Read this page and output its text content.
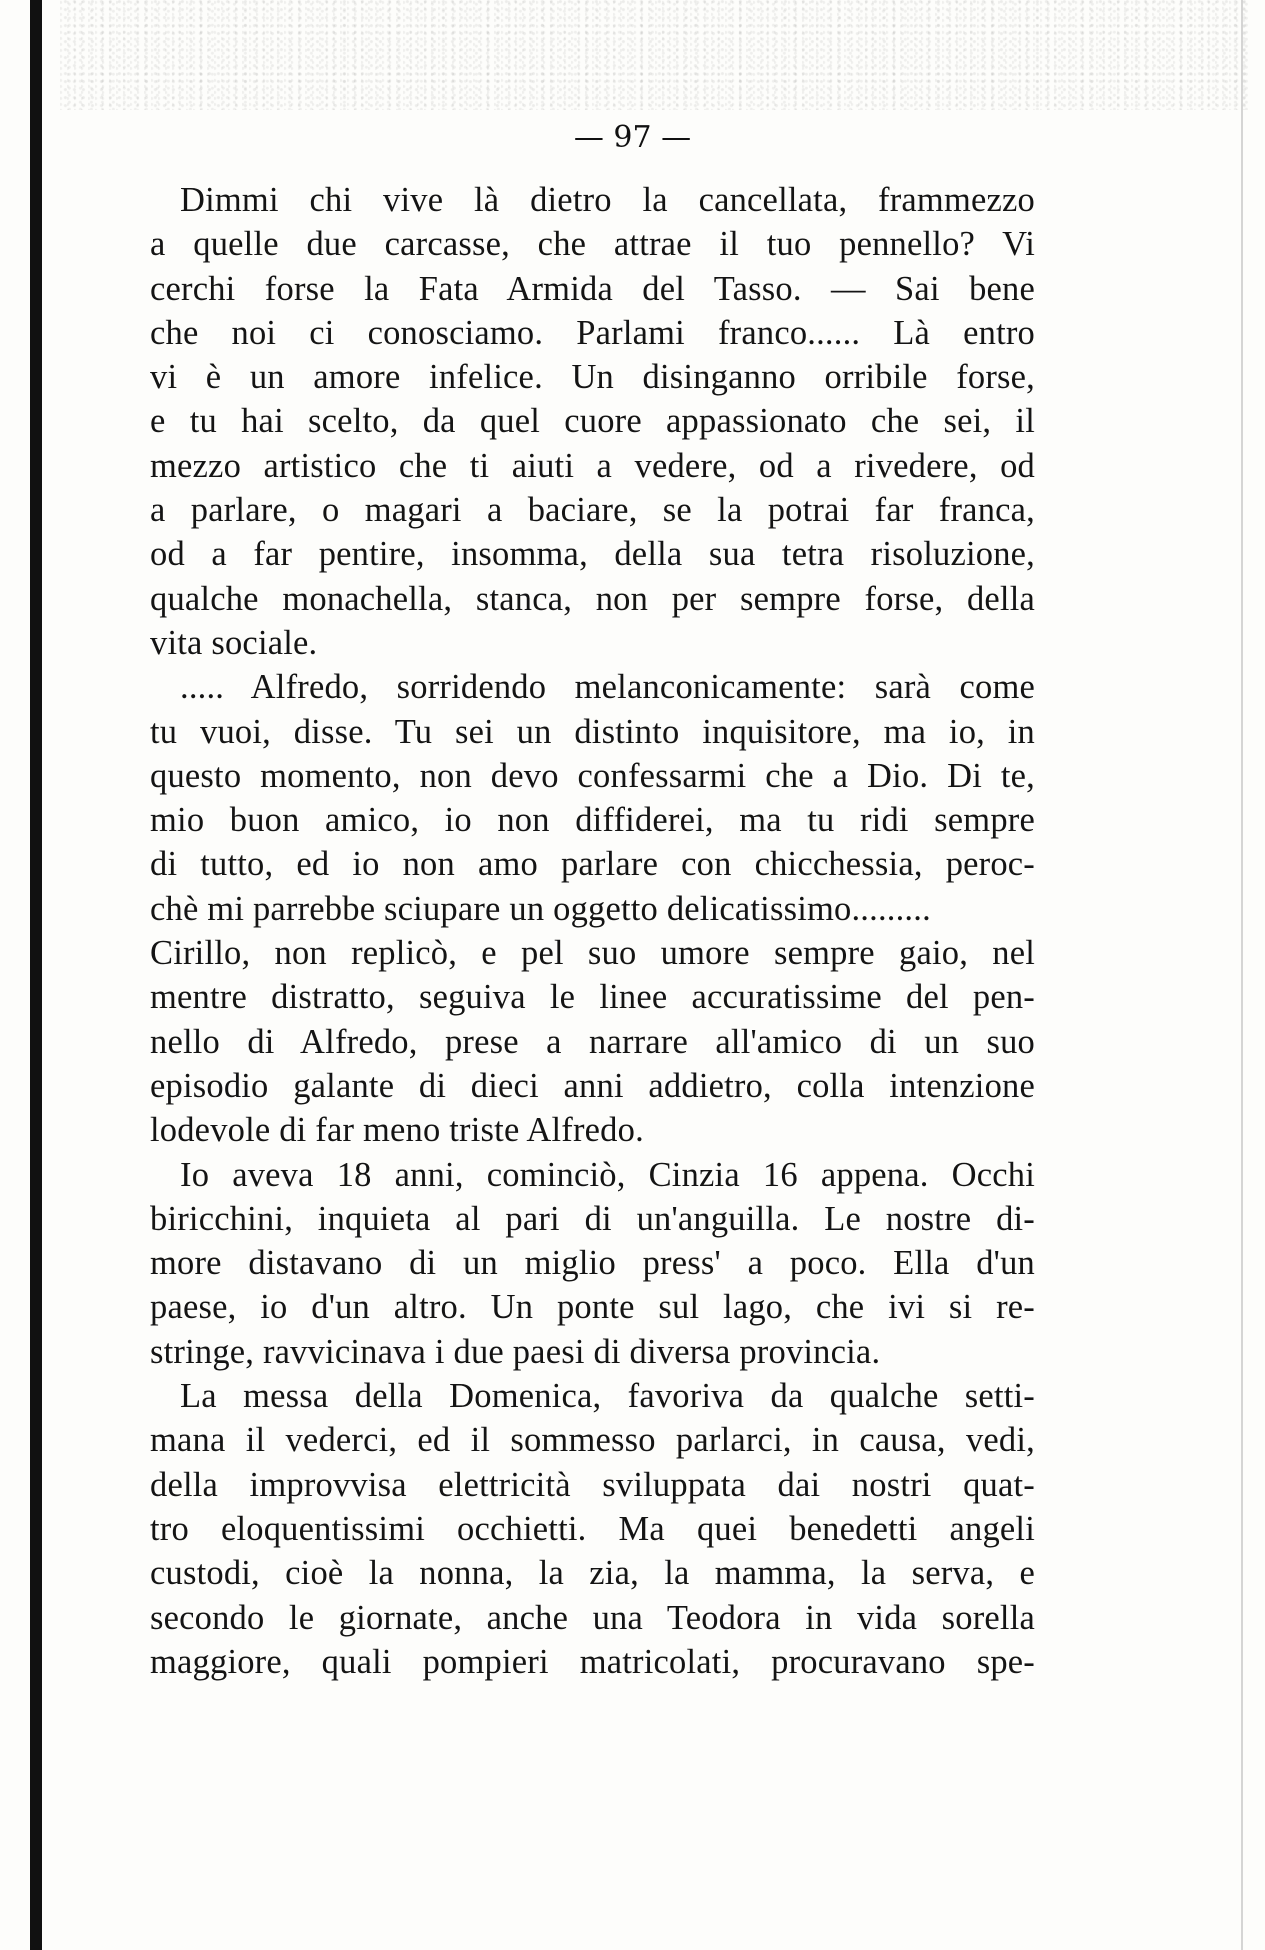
— 97 —
Dimmi chi vive là dietro la cancellata, frammezzo
a quelle due carcasse, che attrae il tuo pennello? Vi
cerchi forse la Fata Armida del Tasso. — Sai bene
che noi ci conosciamo. Parlami franco...... Là entro
vi è un amore infelice. Un disinganno orribile forse,
e tu hai scelto, da quel cuore appassionato che sei, il
mezzo artistico che ti aiuti a vedere, od a rivedere, od
a parlare, o magari a baciare, se la potrai far franca,
od a far pentire, insomma, della sua tetra risoluzione,
qualche monachella, stanca, non per sempre forse, della
vita sociale.
..... Alfredo, sorridendo melanconicamente: sarà come
tu vuoi, disse. Tu sei un distinto inquisitore, ma io, in
questo momento, non devo confessarmi che a Dio. Di te,
mio buon amico, io non diffiderei, ma tu ridi sempre
di tutto, ed io non amo parlare con chicchessia, peroc-
chè mi parrebbe sciupare un oggetto delicatissimo.........
Cirillo, non replicò, e pel suo umore sempre gaio, nel
mentre distratto, seguiva le linee accuratissime del pen-
nello di Alfredo, prese a narrare all'amico di un suo
episodio galante di dieci anni addietro, colla intenzione
lodevole di far meno triste Alfredo.
Io aveva 18 anni, cominciò, Cinzia 16 appena. Occhi
biricchini, inquieta al pari di un'anguilla. Le nostre di-
more distavano di un miglio press' a poco. Ella d'un
paese, io d'un altro. Un ponte sul lago, che ivi si re-
stringe, ravvicinava i due paesi di diversa provincia.
La messa della Domenica, favoriva da qualche setti-
mana il vederci, ed il sommesso parlarci, in causa, vedi,
della improvvisa elettricità sviluppata dai nostri quat-
tro eloquentissimi occhietti. Ma quei benedetti angeli
custodi, cioè la nonna, la zia, la mamma, la serva, e
secondo le giornate, anche una Teodora in vida sorella
maggiore, quali pompieri matricolati, procuravano spe-
